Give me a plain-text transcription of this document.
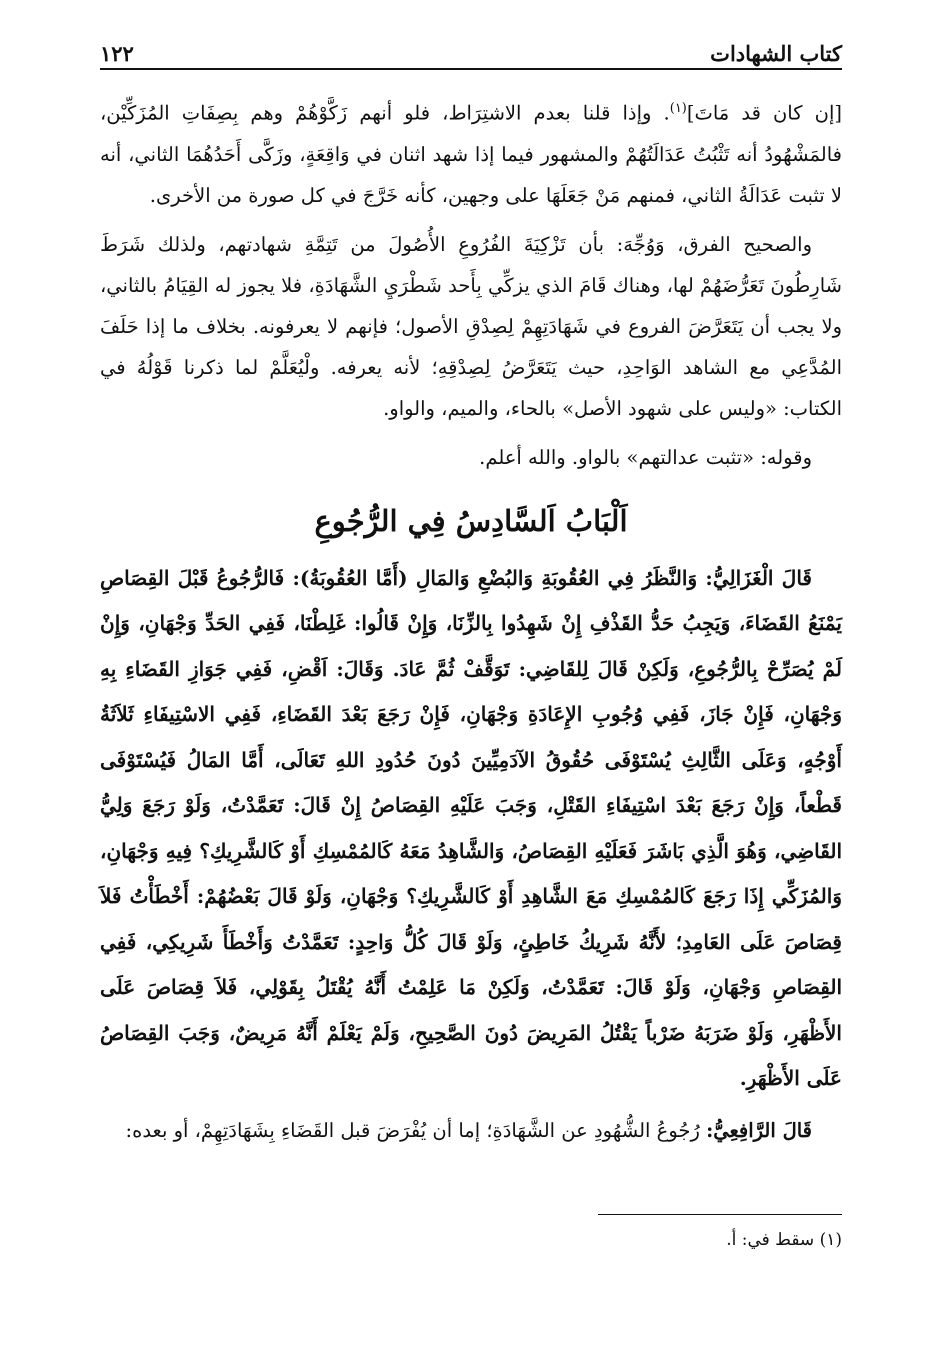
كتاب الشهادات
١٢٢

[إن كان قد مَاتَ]$^{(١)}$. وإذا قلنا بعدم الاشتِرَاط، فلو أنهم زَكَّوْهُمْ وهم بِصِفَاتِ المُزَكِّيْن، فالمَشْهُودُ أنه تَثْبُتُ عَدَالَتُهُمْ والمشهور فيما إذا شهد اثنان في وَاقِعَةٍ، وزَكَّى أَحَدُهُمَا الثاني، أنه لا تثبت عَدَالَةُ الثاني، فمنهم مَنْ جَعَلَهَا على وجهين، كأنه خَرَّجَ في كل صورة من الأخرى.

والصحيح الفرق، وَوُجِّهَ: بأن تَزْكِيَةَ الفُرُوعِ الأُصُولَ من تَتِمَّةِ شهادتهم، ولذلك شَرَطَ شَارِطُونَ تَعَرُّضَهُمْ لها، وهناك قَامَ الذي يزكِّي بِأَحد شَطْرَيِ الشَّهَادَةِ، فلا يجوز له القِيَامُ بالثاني، ولا يجب أن يَتَعَرَّضَ الفروع في شَهَادَتِهِمْ لِصِدْقِ الأصول؛ فإنهم لا يعرفونه. بخلاف ما إذا حَلَفَ المُدَّعِي مع الشاهد الوَاحِدِ، حيث يَتَعَرَّضُ لِصِدْقِهِ؛ لأنه يعرفه. ولْيُعَلَّمْ لما ذكرنا قَوْلُهُ في الكتاب: «وليس على شهود الأصل» بالحاء، والميم، والواو.

وقوله: «تثبت عدالتهم» بالواو. والله أعلم.

اَلْبَابُ اَلسَّادِسُ فِي الرُّجُوعِ

قَالَ الْغَزَالِيُّ: وَالنَّظَرُ فِي العُقُوبَةِ وَالبُضْعِ وَالمَالِ (أَمَّا العُقُوبَةُ): فَالرُّجُوعُ قَبْلَ القِصَاصِ يَمْنَعُ القَضَاءَ، وَيَجِبُ حَدُّ القَذْفِ إِنْ شَهِدُوا بِالزِّنَا، وَإِنْ قَالُوا: غَلِطْنَا، فَفِي الحَدِّ وَجْهَانِ، وَإِنْ لَمْ يُصَرِّحْ بِالرُّجُوعِ، وَلَكِنْ قَالَ لِلقَاضِي: تَوَقَّفْ ثُمَّ عَادَ. وَقَالَ: اَقْضِ، فَفِي جَوَازِ القَضَاءِ بِهِ وَجْهَانِ، فَإِنْ جَازَ، فَفِي وُجُوبِ الإِعَادَةِ وَجْهَانِ، فَإِنْ رَجَعَ بَعْدَ القَضَاءِ، فَفِي الاسْتِيفَاءِ ثَلاَثَةُ أَوْجُهٍ، وَعَلَى الثَّالِثِ يُسْتَوْفَى حُقُوقُ الآدَمِيِّينَ دُونَ حُدُودِ اللهِ تَعَالَى، أَمَّا المَالُ فَيُسْتَوْفَى قَطْعاً، وَإِنْ رَجَعَ بَعْدَ اسْتِيفَاءِ القَتْلِ، وَجَبَ عَلَيْهِ القِصَاصُ إِنْ قَالَ: تَعَمَّدْتُ، وَلَوْ رَجَعَ وَلِيُّ القَاضِي، وَهُوَ الَّذِي بَاشَرَ فَعَلَيْهِ القِصَاصُ، وَالشَّاهِدُ مَعَهُ كَالمُمْسِكِ أَوْ كَالشَّرِيكِ؟ فِيهِ وَجْهَانِ، وَالمُزَكِّي إِذَا رَجَعَ كَالمُمْسِكِ مَعَ الشَّاهِدِ أَوْ كَالشَّرِيكِ؟ وَجْهَانِ، وَلَوْ قَالَ بَعْضُهُمْ: أَخْطَأْتُ فَلاَ قِصَاصَ عَلَى العَامِدِ؛ لأَنَّهُ شَرِيكُ خَاطِئٍ، وَلَوْ قَالَ كُلُّ وَاحِدٍ: تَعَمَّدْتُ وَأَخْطَأَ شَرِيكِي، فَفِي القِصَاصِ وَجْهَانِ، وَلَوْ قَالَ: تَعَمَّدْتُ، وَلَكِنْ مَا عَلِمْتُ أَنَّهُ يُقْتَلُ بِقَوْلِي، فَلاَ قِصَاصَ عَلَى الأَظْهَرِ، وَلَوْ ضَرَبَهُ ضَرْباً يَقْتُلُ المَرِيضَ دُونَ الصَّحِيحِ، وَلَمْ يَعْلَمْ أَنَّهُ مَرِيضٌ، وَجَبَ القِصَاصُ عَلَى الأَظْهَرِ.

قَالَ الرَّافِعِيُّ: رُجُوعُ الشُّهُودِ عن الشَّهَادَةِ؛ إما أن يُفْرَضَ قبل القَضَاءِ بِشَهَادَتِهِمْ، أو بعده:

(١) سقط في: أ.
